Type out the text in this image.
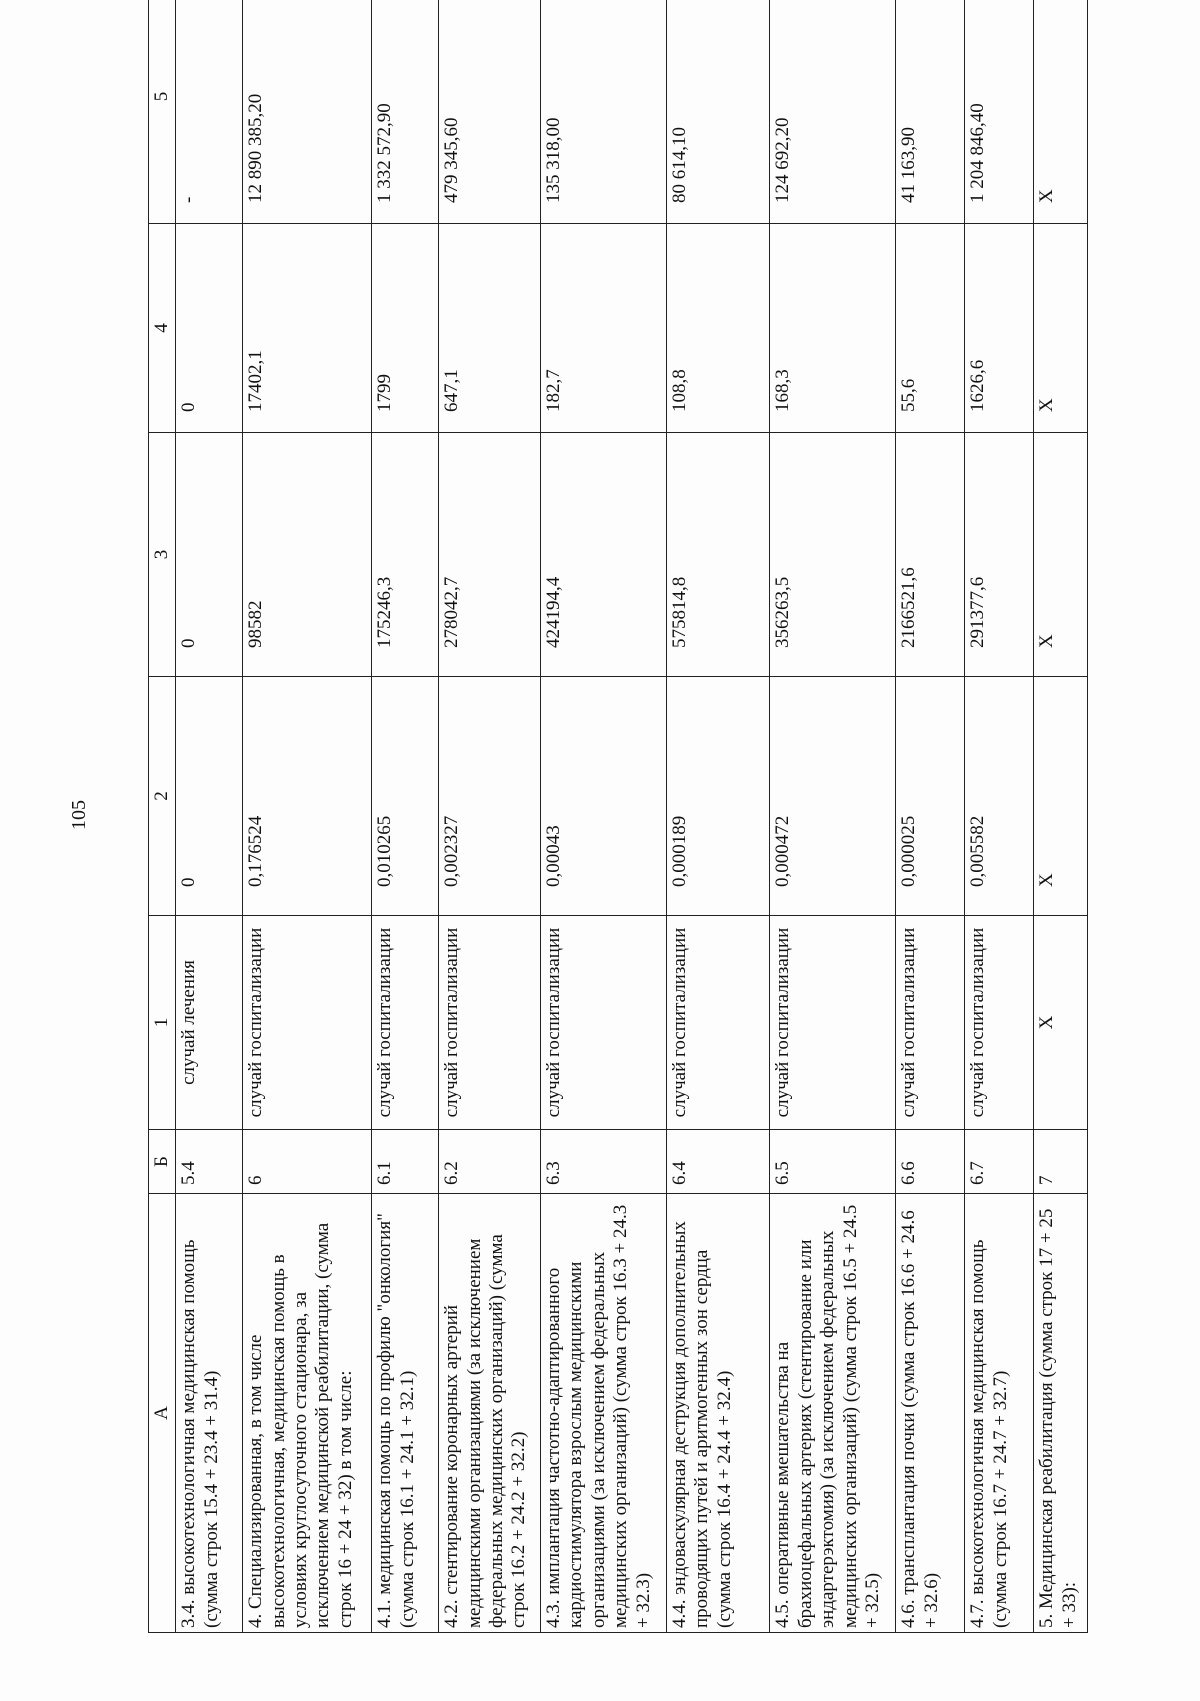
105
А	Б	1	2	3	4	5
3.4. высокотехнологичная медицинская помощь (сумма строк 15.4 + 23.4 + 31.4)	5.4	случай лечения	0	0	0	-
4. Специализированная, в том числе высокотехнологичная, медицинская помощь в условиях круглосуточного стационара, за исключением медицинской реабилитации, (сумма строк 16 + 24 + 32) в том числе:	6	случай госпитализации	0,176524	98582	17402,1	12 890 385,20
4.1. медицинская помощь по профилю "онкология" (сумма строк 16.1 + 24.1 + 32.1)	6.1	случай госпитализации	0,010265	175246,3	1799	1 332 572,90
4.2. стентирование коронарных артерий медицинскими организациями (за исключением федеральных медицинских организаций) (сумма строк 16.2 + 24.2 + 32.2)	6.2	случай госпитализации	0,002327	278042,7	647,1	479 345,60
4.3. имплантация частотно-адаптированного кардиостимулятора взрослым медицинскими организациями (за исключением федеральных медицинских организаций) (сумма строк 16.3 + 24.3 + 32.3)	6.3	случай госпитализации	0,00043	424194,4	182,7	135 318,00
4.4. эндоваскулярная деструкция дополнительных проводящих путей и аритмогенных зон сердца (сумма строк 16.4 + 24.4 + 32.4)	6.4	случай госпитализации	0,000189	575814,8	108,8	80 614,10
4.5. оперативные вмешательства на брахиоцефальных артериях (стентирование или эндартерэктомия) (за исключением федеральных медицинских организаций) (сумма строк 16.5 + 24.5 + 32.5)	6.5	случай госпитализации	0,000472	356263,5	168,3	124 692,20
4.6. трансплантация почки (сумма строк 16.6 + 24.6 + 32.6)	6.6	случай госпитализации	0,000025	2166521,6	55,6	41 163,90
4.7. высокотехнологичная медицинская помощь (сумма строк 16.7 + 24.7 + 32.7)	6.7	случай госпитализации	0,005582	291377,6	1626,6	1 204 846,40
5. Медицинская реабилитация (сумма строк 17 + 25 + 33):	7	Х	Х	Х	Х	Х
